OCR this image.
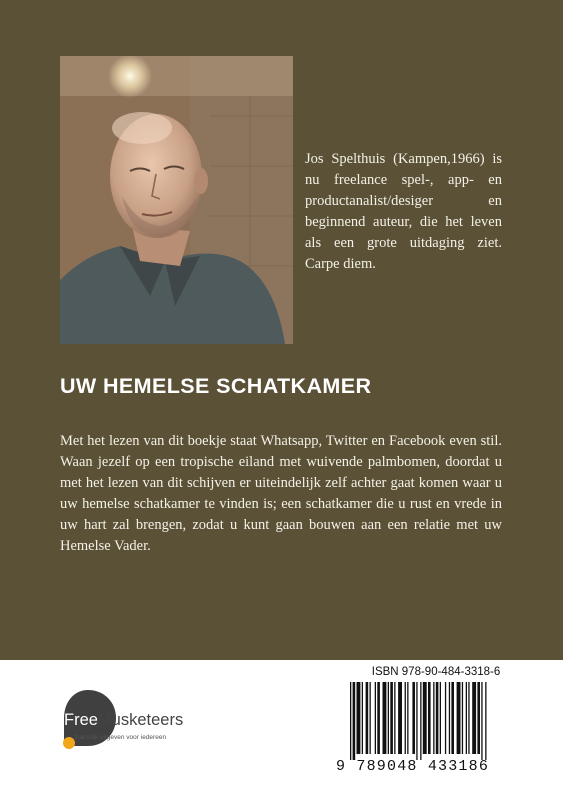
Jos Spelthuis (Kampen,1966) is nu freelance spel-, app- en productanalist/desiger en beginnend auteur, die het leven als een grote uitdaging ziet. Carpe diem.

UW HEMELSE SCHATKAMER

Met het lezen van dit boekje staat Whatsapp, Twitter en Facebook even stil. Waan jezelf op een tropische eiland met wuivende palmbomen, doordat u met het lezen van dit schijven er uiteindelijk zelf achter gaat komen waar u uw hemelse schatkamer te vinden is; een schatkamer die u rust en vrede in uw hart zal brengen, zodat u kunt gaan bouwen aan een relatie met uw Hemelse Vader.

FreeMusketeers
Kansrijk uitgeven voor iedereen
ISBN 978-90-484-3318-6
9 789048 433186
